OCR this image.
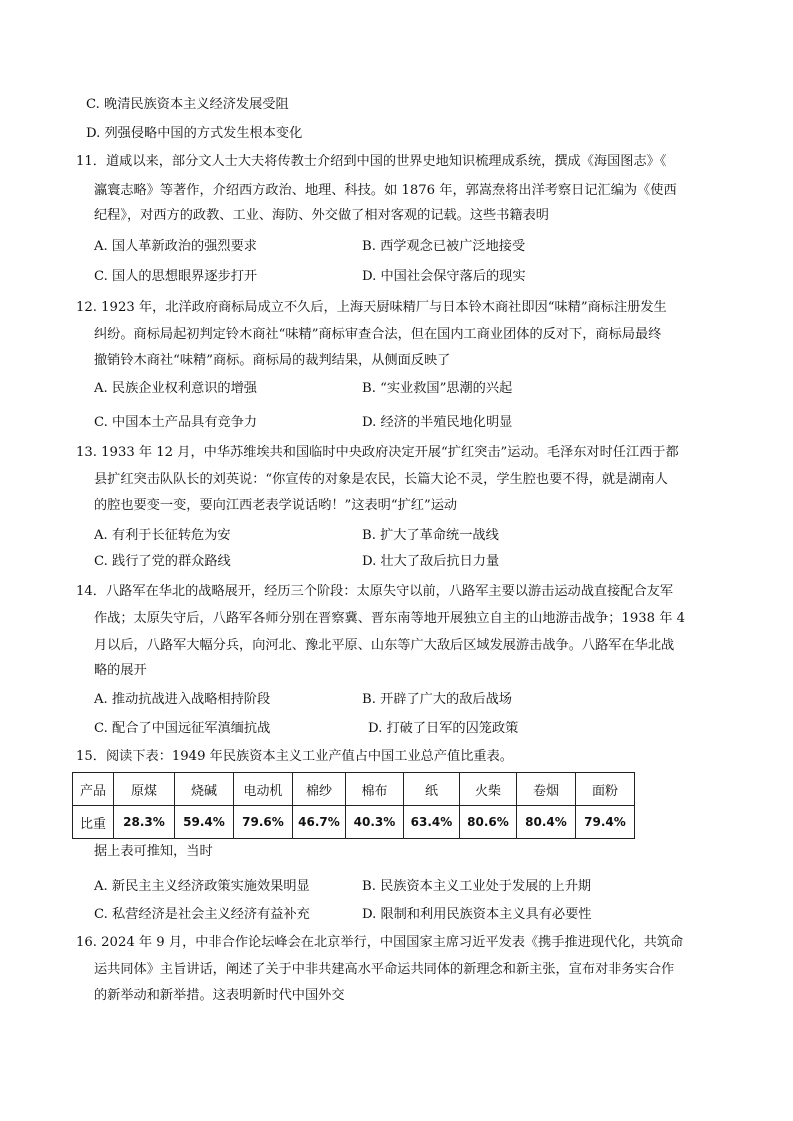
C. 晚清民族资本主义经济发展受阻
D. 列强侵略中国的方式发生根本变化
11．道咸以来，部分文人士大夫将传教士介绍到中国的世界史地知识梳理成系统，撰成《海国图志》《
瀛寰志略》等著作，介绍西方政治、地理、科技。如 1876 年，郭嵩焘将出洋考察日记汇编为《使西
纪程》，对西方的政教、工业、海防、外交做了相对客观的记载。这些书籍表明
A. 国人革新政治的强烈要求	B. 西学观念已被广泛地接受
C. 国人的思想眼界逐步打开	D. 中国社会保守落后的现实
12. 1923 年，北洋政府商标局成立不久后，上海天厨味精厂与日本铃木商社即因“味精”商标注册发生
纠纷。商标局起初判定铃木商社“味精”商标审查合法，但在国内工商业团体的反对下，商标局最终
撤销铃木商社“味精”商标。商标局的裁判结果，从侧面反映了
A. 民族企业权利意识的增强	B. “实业救国”思潮的兴起
C. 中国本土产品具有竞争力	D. 经济的半殖民地化明显
13. 1933 年 12 月，中华苏维埃共和国临时中央政府决定开展“扩红突击”运动。毛泽东对时任江西于都
县扩红突击队队长的刘英说：“你宣传的对象是农民，长篇大论不灵，学生腔也要不得，就是湖南人
的腔也要变一变，要向江西老表学说话哟！”这表明“扩红”运动
A. 有利于长征转危为安	B. 扩大了革命统一战线
C. 践行了党的群众路线	D. 壮大了敌后抗日力量
14．八路军在华北的战略展开，经历三个阶段：太原失守以前，八路军主要以游击运动战直接配合友军
作战；太原失守后，八路军各师分别在晋察冀、晋东南等地开展独立自主的山地游击战争；1938 年 4
月以后，八路军大幅分兵，向河北、豫北平原、山东等广大敌后区域发展游击战争。八路军在华北战
略的展开
A. 推动抗战进入战略相持阶段	B. 开辟了广大的敌后战场
C. 配合了中国远征军滇缅抗战	D. 打破了日军的囚笼政策
15．阅读下表：1949 年民族资本主义工业产值占中国工业总产值比重表。
产品	原煤	烧碱	电动机	棉纱	棉布	纸	火柴	卷烟	面粉
比重	28.3%	59.4%	79.6%	46.7%	40.3%	63.4%	80.6%	80.4%	79.4%
据上表可推知，当时
A. 新民主主义经济政策实施效果明显	B. 民族资本主义工业处于发展的上升期
C. 私营经济是社会主义经济有益补充	D. 限制和利用民族资本主义具有必要性
16. 2024 年 9 月，中非合作论坛峰会在北京举行，中国国家主席习近平发表《携手推进现代化，共筑命
运共同体》主旨讲话，阐述了关于中非共建高水平命运共同体的新理念和新主张，宣布对非务实合作
的新举动和新举措。这表明新时代中国外交
